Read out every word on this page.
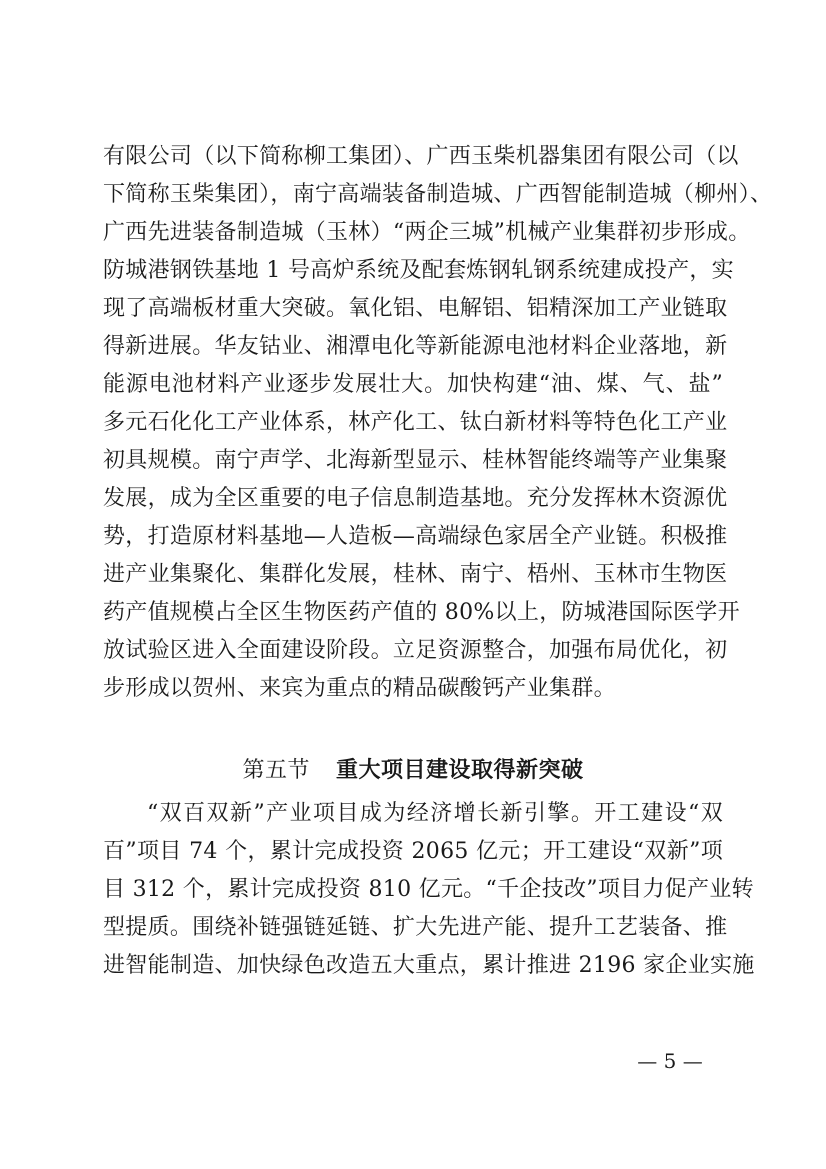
有限公司（以下简称柳工集团）、广西玉柴机器集团有限公司（以
下简称玉柴集团），南宁高端装备制造城、广西智能制造城（柳州）、
广西先进装备制造城（玉林）“两企三城”机械产业集群初步形成。
防城港钢铁基地 1 号高炉系统及配套炼钢轧钢系统建成投产，实
现了高端板材重大突破。氧化铝、电解铝、铝精深加工产业链取
得新进展。华友钴业、湘潭电化等新能源电池材料企业落地，新
能源电池材料产业逐步发展壮大。加快构建“油、煤、气、盐”
多元石化化工产业体系，林产化工、钛白新材料等特色化工产业
初具规模。南宁声学、北海新型显示、桂林智能终端等产业集聚
发展，成为全区重要的电子信息制造基地。充分发挥林木资源优
势，打造原材料基地—人造板—高端绿色家居全产业链。积极推
进产业集聚化、集群化发展，桂林、南宁、梧州、玉林市生物医
药产值规模占全区生物医药产值的 80%以上，防城港国际医学开
放试验区进入全面建设阶段。立足资源整合，加强布局优化，初
步形成以贺州、来宾为重点的精品碳酸钙产业集群。
第五节 重大项目建设取得新突破
“双百双新”产业项目成为经济增长新引擎。开工建设“双
百”项目 74 个，累计完成投资 2065 亿元；开工建设“双新”项
目 312 个，累计完成投资 810 亿元。“千企技改”项目力促产业转
型提质。围绕补链强链延链、扩大先进产能、提升工艺装备、推
进智能制造、加快绿色改造五大重点，累计推进 2196 家企业实施
— 5 —
